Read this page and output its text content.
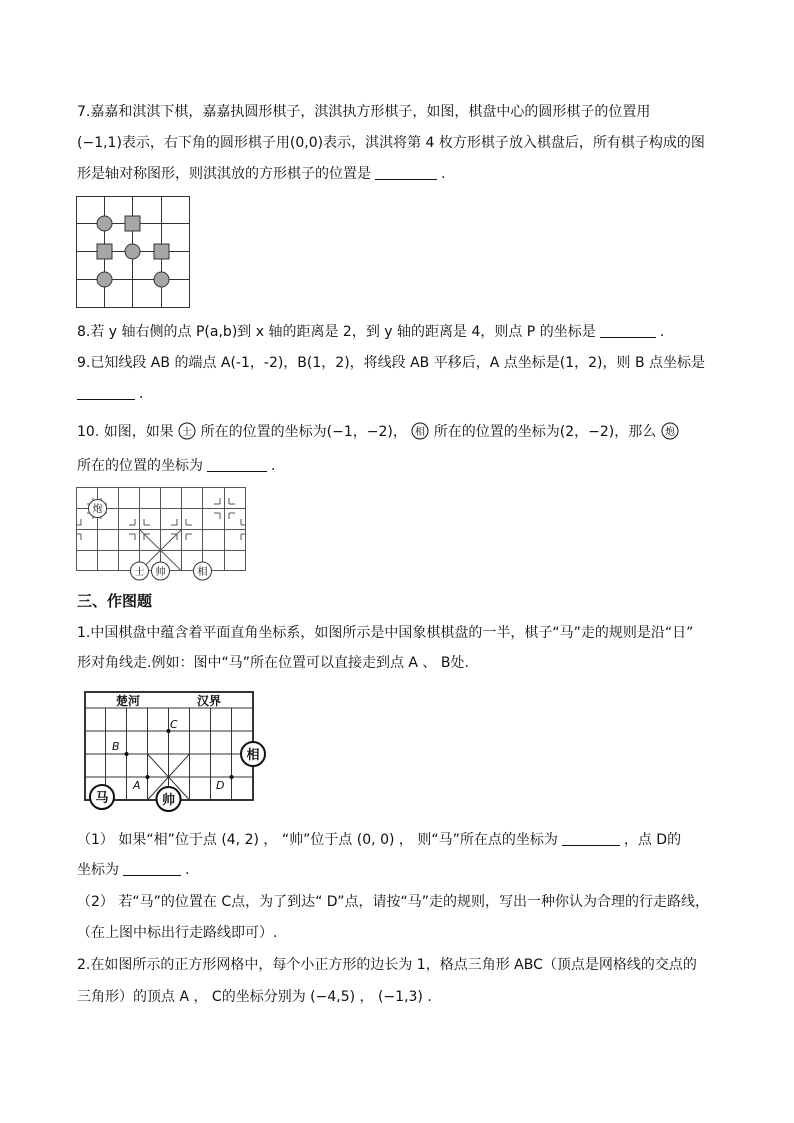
7.嘉嘉和淇淇下棋，嘉嘉执圆形棋子，淇淇执方形棋子，如图，棋盘中心的圆形棋子的位置用
(−1,1)表示，右下角的圆形棋子用(0,0)表示，淇淇将第 4 枚方形棋子放入棋盘后，所有棋子构成的图
形是轴对称图形，则淇淇放的方形棋子的位置是	.
8.若 y 轴右侧的点 P(a,b)到 x 轴的距离是 2，到 y 轴的距离是 4，则点 P 的坐标是	.
9.已知线段 AB 的端点 A(-1，-2)，B(1，2)，将线段 AB 平移后，A 点坐标是(1，2)，则 B 点坐标是
.
10. 如图，如果 士 所在的位置的坐标为(−1，−2)， 相 所在的位置的坐标为(2，−2)，那么 炮
所在的位置的坐标为	.
炮
士 帅	相
三、作图题
1.中国棋盘中蕴含着平面直角坐标系，如图所示是中国象棋棋盘的一半，棋子“马”走的规则是沿“日”
形对角线走.例如：图中“马”所在位置可以直接走到点 A 、 B处.
楚河	汉界
B
C
A	D
相
帅
马
（1） 如果“相”位于点 (4, 2) ， “帅”位于点 (0, 0) ， 则“马”所在点的坐标为	，点 D的
坐标为	.
（2） 若“马”的位置在 C点，为了到达“ D”点，请按“马”走的规则，写出一种你认为合理的行走路线，
（在上图中标出行走路线即可）.
2.在如图所示的正方形网格中，每个小正方形的边长为 1，格点三角形 ABC（顶点是网格线的交点的
三角形）的顶点 A ， C的坐标分别为 (−4,5) ， (−1,3) .
